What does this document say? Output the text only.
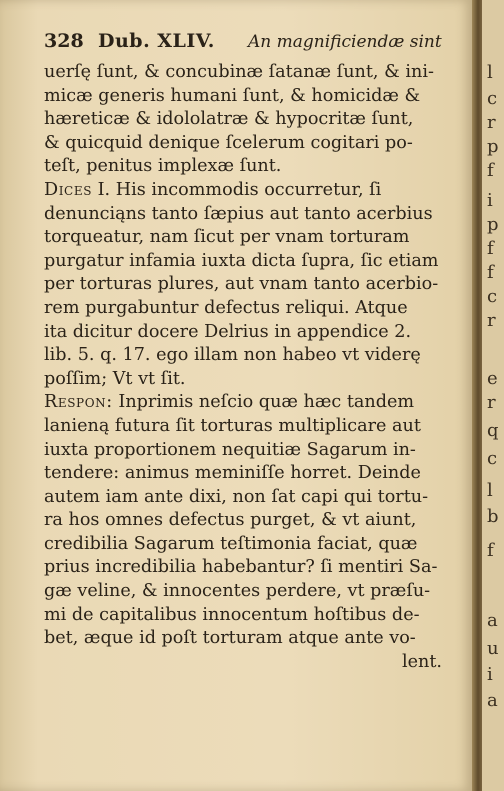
328 Dub. XLIV. An magnificiendæ sint
uerſę ſunt, & concubinæ ſatanæ ſunt, & ini-
micæ generis humani ſunt, & homicidæ &
hæreticæ & idololatræ & hypocritæ ſunt,
& quicquid denique ſcelerum cogitari po-
teſt, penitus implexæ ſunt.
Dices I. His incommodis occurretur, ſi
denunciąns tanto ſæpius aut tanto acerbius
torqueatur, nam ſicut per vnam torturam
purgatur infamia iuxta dicta ſupra, ſic etiam
per torturas plures, aut vnam tanto acerbio-
rem purgabuntur defectus reliqui. Atque
ita dicitur docere Delrius in appendice 2.
lib. 5. q. 17. ego illam non habeo vt viderę
poſſim; Vt vt ſit.
Respon: Inprimis neſcio quæ hæc tandem
lanieną futura ſit torturas multiplicare aut
iuxta proportionem nequitiæ Sagarum in-
tendere: animus meminiſſe horret. Deinde
autem iam ante dixi, non ſat capi qui tortu-
ra hos omnes defectus purget, & vt aiunt,
credibilia Sagarum teſtimonia faciat, quæ
prius incredibilia habebantur? ſi mentiri Sa-
gæ veline, & innocentes perdere, vt præſu-
mi de capitalibus innocentum hoſtibus de-
bet, æque id poſt torturam atque ante vo-
lent.
l
c
r
p
f
i
p
f
f
c
r
e
r
q
c
l
b
f
a
u
i
a
